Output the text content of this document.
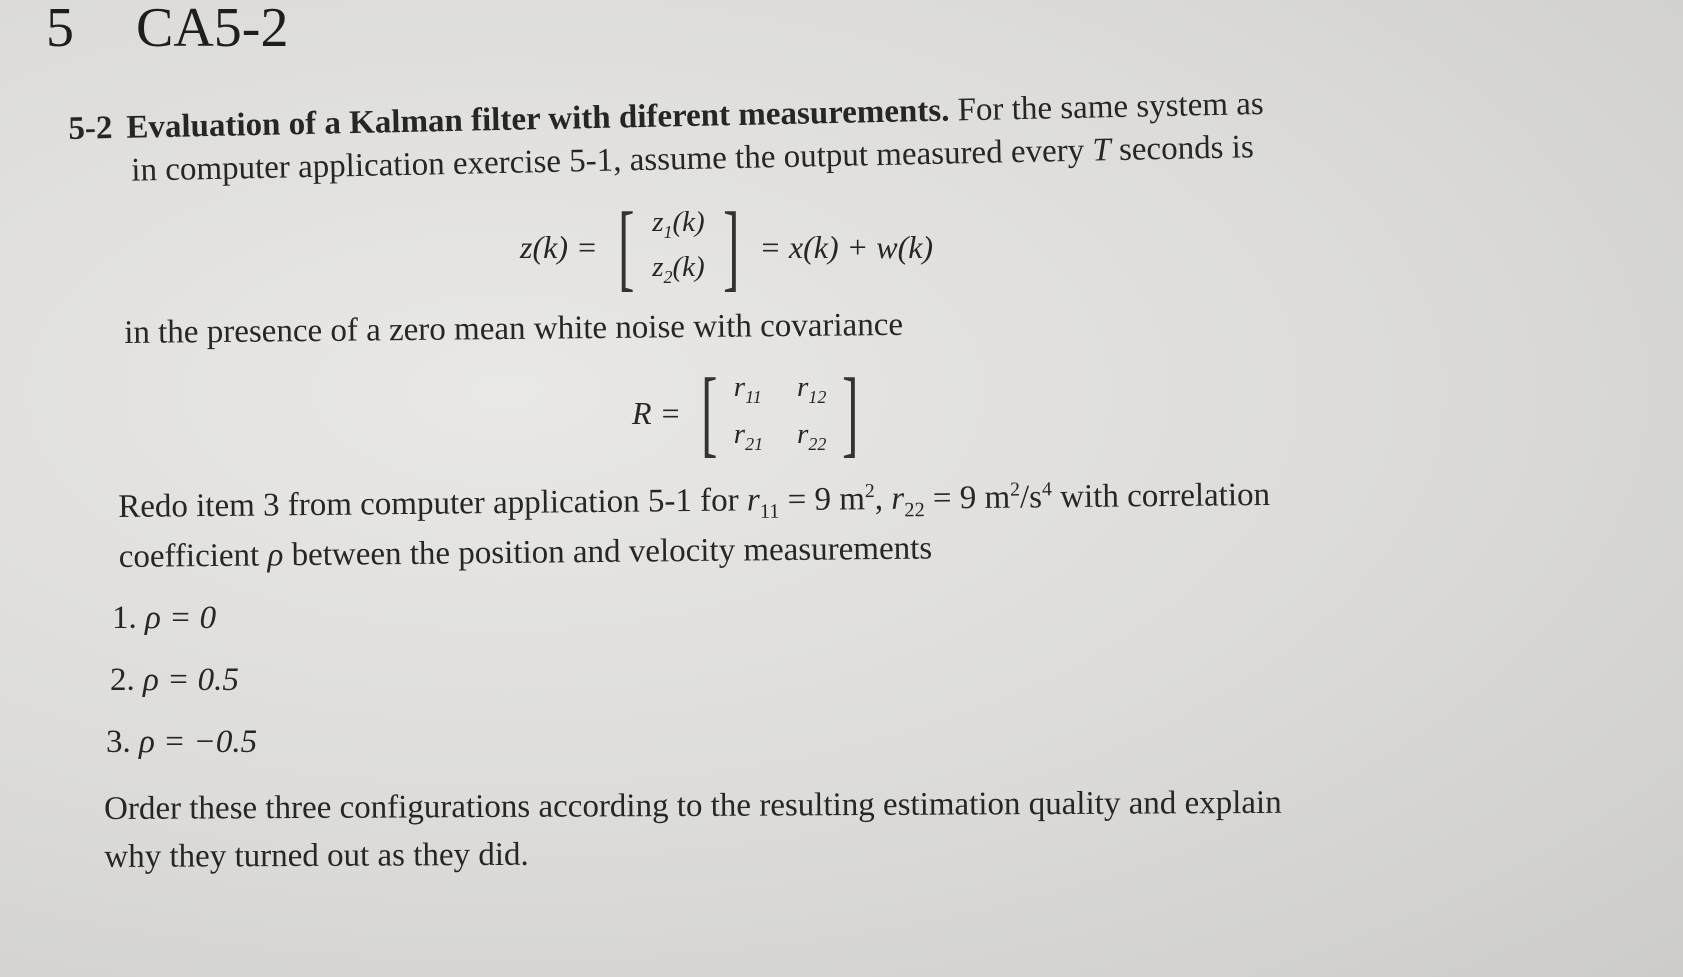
5 CA5-2
5-2 Evaluation of a Kalman filter with diferent measurements. For the same system as
in computer application exercise 5-1, assume the output measured every T seconds is
z(k) = [ $z_1(k)$
$z_2(k)$ ] = x(k) + w(k)
in the presence of a zero mean white noise with covariance
R = [ $r_{11}$ $r_{12}$
$r_{21}$ $r_{22}$ ]
Redo item 3 from computer application 5-1 for $r_{11} = 9$ $m^2$, $r_{22} = 9$ $m^2/s^4$ with correlation
coefficient ρ between the position and velocity measurements
1. ρ = 0
2. ρ = 0.5
3. ρ = −0.5
Order these three configurations according to the resulting estimation quality and explain
why they turned out as they did.
